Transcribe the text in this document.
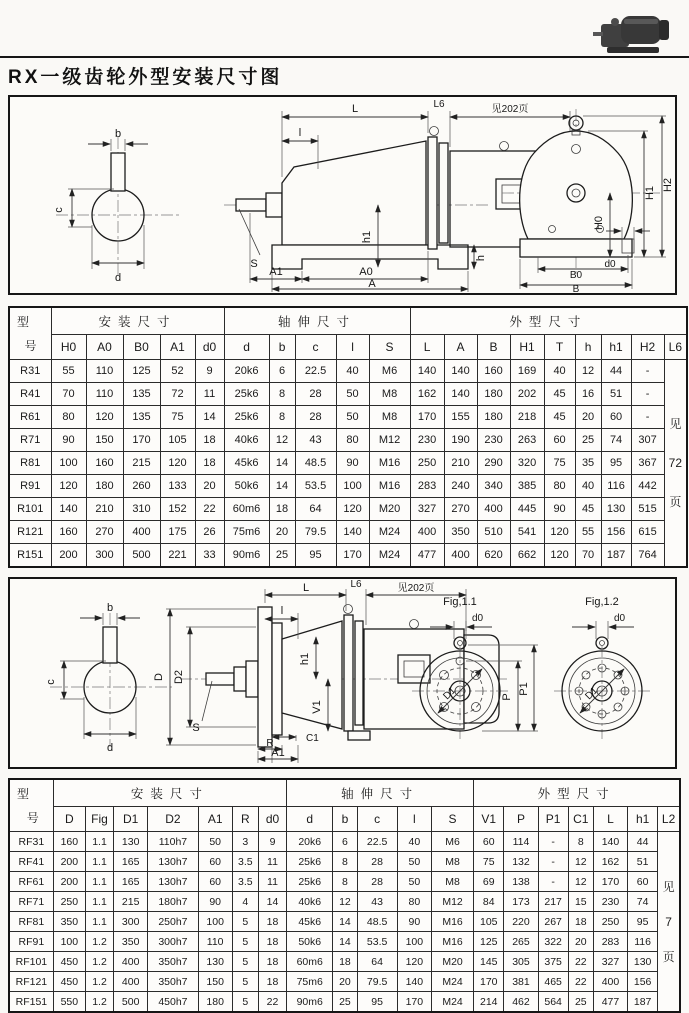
RX一级齿轮外型安装尺寸图
b
c
d
L	L6	见202页
l
h1
h
A1	A0
A
S
H2
H1
H0
d0
B0
B
型
号	安装尺寸					轴伸尺寸					外型尺寸								
	H0	A0	B0	A1	d0	d	b	c	l	S	L	A	B	H1	T	h	h1	H2	L6
R31	55	110	125	52	9	20k6	6	22.5	40	M6	140	140	160	169	40	12	44	-	见
72
页

R41	70	110	135	72	11	25k6	8	28	50	M8	162	140	180	202	45	16	51	-	
R61	80	120	135	75	14	25k6	8	28	50	M8	170	155	180	218	45	20	60	-	
R71	90	150	170	105	18	40k6	12	43	80	M12	230	190	230	263	60	25	74	307	
R81	100	160	215	120	18	45k6	14	48.5	90	M16	250	210	290	320	75	35	95	367	
R91	120	180	260	133	20	50k6	14	53.5	100	M16	283	240	340	385	80	40	116	442	
R101	140	210	310	152	22	60m6	18	64	120	M20	327	270	400	445	90	45	130	515	
R121	160	270	400	175	26	75m6	20	79.5	140	M24	400	350	510	541	120	55	156	615	
R151	200	300	500	221	33	90m6	25	95	170	M24	477	400	620	662	120	70	187	764	
b
c
d
D D2
L	L6	见202页
l
h1
V1
C1
R
A1
S
Fig,1.1
d0
D1	P
P1
Fig,1.2
d0
D1
型
号	安装尺寸							轴伸尺寸					外型尺寸						
	D	Fig	D1	D2	A1	R	d0	d	b	c	l	S	V1	P	P1	C1	L	h1	L2
RF31	160	1.1	130	110h7	50	3	9	20k6	6	22.5	40	M6	60	114	-	8	140	44	见
7
页

RF41	200	1.1	165	130h7	60	3.5	11	25k6	8	28	50	M8	75	132	-	12	162	51	
RF61	200	1.1	165	130h7	60	3.5	11	25k6	8	28	50	M8	69	138	-	12	170	60	
RF71	250	1.1	215	180h7	90	4	14	40k6	12	43	80	M12	84	173	217	15	230	74	
RF81	350	1.1	300	250h7	100	5	18	45k6	14	48.5	90	M16	105	220	267	18	250	95	
RF91	100	1.2	350	300h7	110	5	18	50k6	14	53.5	100	M16	125	265	322	20	283	116	
RF101	450	1.2	400	350h7	130	5	18	60m6	18	64	120	M20	145	305	375	22	327	130	
RF121	450	1.2	400	350h7	150	5	18	75m6	20	79.5	140	M24	170	381	465	22	400	156	
RF151	550	1.2	500	450h7	180	5	22	90m6	25	95	170	M24	214	462	564	25	477	187	
